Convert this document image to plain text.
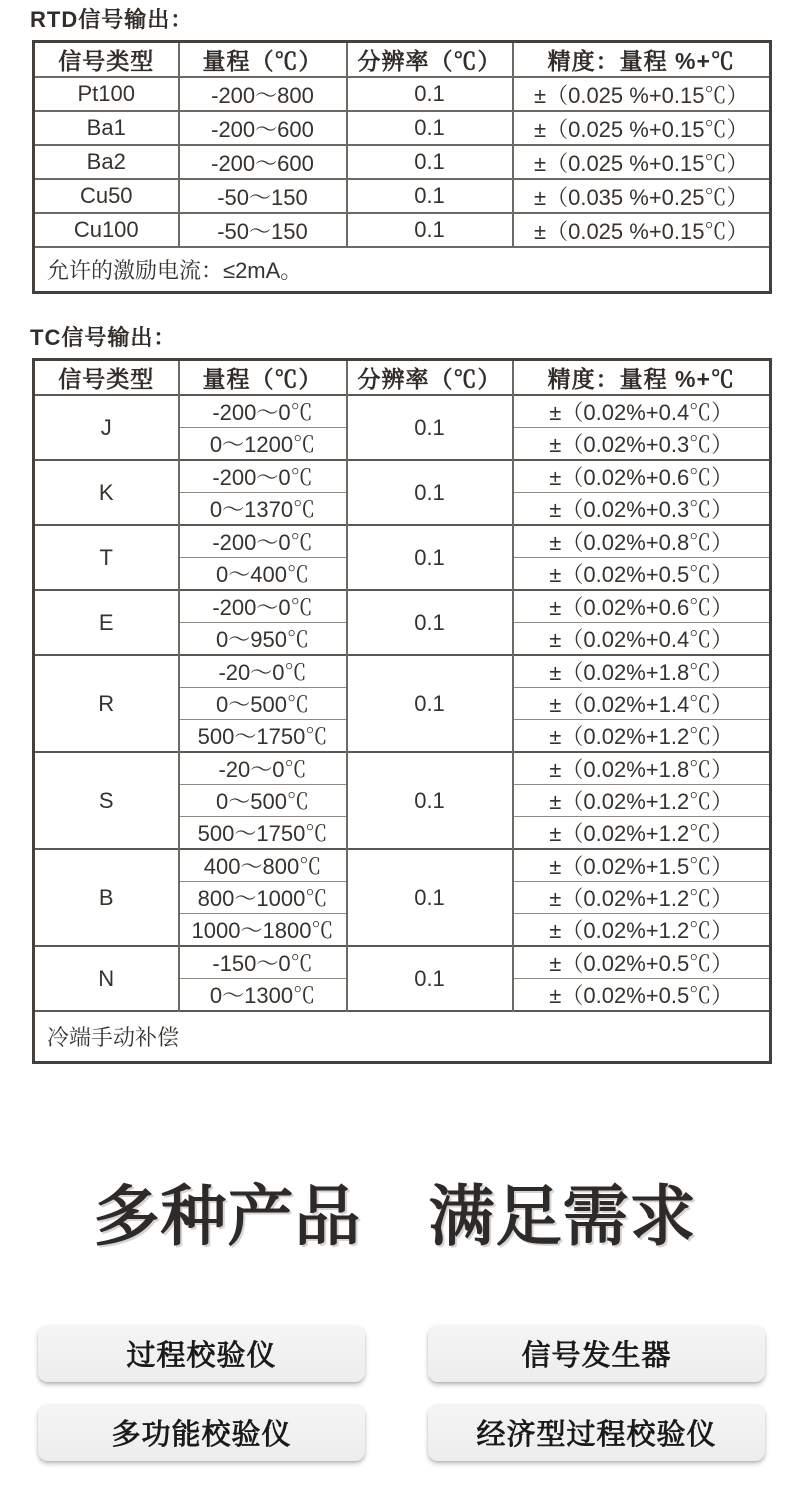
RTD信号输出：
信号类型	量程（℃）	分辨率（℃）	精度：量程 %+℃
Pt100	-200～800	0.1	±（0.025 %+0.15℃）
Ba1	-200～600	0.1	±（0.025 %+0.15℃）
Ba2	-200～600	0.1	±（0.025 %+0.15℃）
Cu50	-50～150	0.1	±（0.035 %+0.25℃）
Cu100	-50～150	0.1	±（0.025 %+0.15℃）
允许的激励电流：≤2mA。			
TC信号输出：
信号类型	量程（℃）	分辨率（℃）	精度：量程 %+℃
J	-200～0℃	0.1	±（0.02%+0.4℃）
	0～1200℃		±（0.02%+0.3℃）
K	-200～0℃	0.1	±（0.02%+0.6℃）
	0～1370℃		±（0.02%+0.3℃）
T	-200～0℃	0.1	±（0.02%+0.8℃）
	0～400℃		±（0.02%+0.5℃）
E	-200～0℃	0.1	±（0.02%+0.6℃）
	0～950℃		±（0.02%+0.4℃）
R	-20～0℃	0.1	±（0.02%+1.8℃）
	0～500℃		±（0.02%+1.4℃）
	500～1750℃		±（0.02%+1.2℃）
S	-20～0℃	0.1	±（0.02%+1.8℃）
	0～500℃		±（0.02%+1.2℃）
	500～1750℃		±（0.02%+1.2℃）
B	400～800℃	0.1	±（0.02%+1.5℃）
	800～1000℃		±（0.02%+1.2℃）
	1000～1800℃		±（0.02%+1.2℃）
N	-150～0℃	0.1	±（0.02%+0.5℃）
	0～1300℃		±（0.02%+0.5℃）
冷端手动补偿			
多种产品　满足需求
过程校验仪	信号发生器
多功能校验仪	经济型过程校验仪
